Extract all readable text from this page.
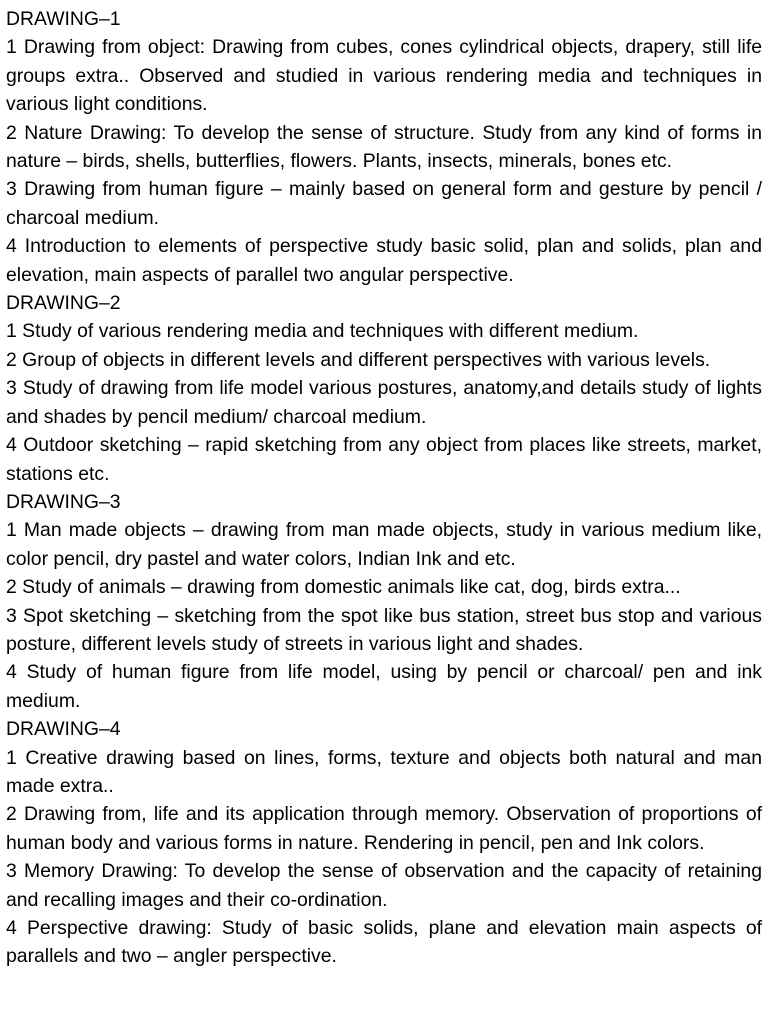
DRAWING–1

1 Drawing from object: Drawing from cubes, cones cylindrical objects, drapery, still life groups extra.. Observed and studied in various rendering media and techniques in various light conditions.

2 Nature Drawing: To develop the sense of structure. Study from any kind of forms in nature – birds, shells, butterflies, flowers. Plants, insects, minerals, bones etc.

3 Drawing from human figure – mainly based on general form and gesture by pencil / charcoal medium.

4 Introduction to elements of perspective study basic solid, plan and solids, plan and elevation, main aspects of parallel two angular perspective.

DRAWING–2

1 Study of various rendering media and techniques with different medium.

2 Group of objects in different levels and different perspectives with various levels.

3 Study of drawing from life model various postures, anatomy,and details study of lights and shades by pencil medium/ charcoal medium.

4 Outdoor sketching – rapid sketching from any object from places like streets, market, stations etc.

DRAWING–3

1 Man made objects – drawing from man made objects, study in various medium like, color pencil, dry pastel and water colors, Indian Ink and etc.

2 Study of animals – drawing from domestic animals like cat, dog, birds extra...

3 Spot sketching – sketching from the spot like bus station, street bus stop and various posture, different levels study of streets in various light and shades.

4 Study of human figure from life model, using by pencil or charcoal/ pen and ink medium.

DRAWING–4

1 Creative drawing based on lines, forms, texture and objects both natural and man made extra..

2 Drawing from, life and its application through memory. Observation of proportions of human body and various forms in nature. Rendering in pencil, pen and Ink colors.

3 Memory Drawing: To develop the sense of observation and the capacity of retaining and recalling images and their co-ordination.

4 Perspective drawing: Study of basic solids, plane and elevation main aspects of parallels and two – angler perspective.
